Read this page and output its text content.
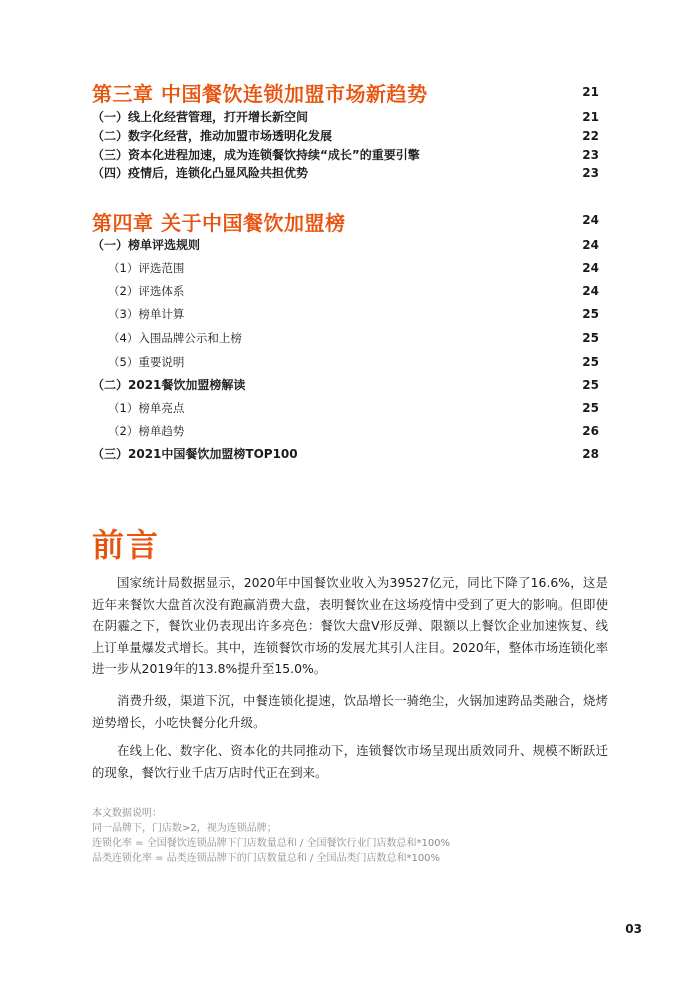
第三章 中国餐饮连锁加盟市场新趋势	21
（一）线上化经营管理，打开增长新空间	21
（二）数字化经营，推动加盟市场透明化发展	22
（三）资本化进程加速，成为连锁餐饮持续“成长”的重要引擎	23
（四）疫情后，连锁化凸显风险共担优势	23
第四章 关于中国餐饮加盟榜	24
（一）榜单评选规则	24
（1）评选范围	24
（2）评选体系	24
（3）榜单计算	25
（4）入围品牌公示和上榜	25
（5）重要说明	25
（二）2021餐饮加盟榜解读	25
（1）榜单亮点	25
（2）榜单趋势	26
（三）2021中国餐饮加盟榜TOP100	28
前言

国家统计局数据显示，2020年中国餐饮业收入为39527亿元，同比下降了16.6%，这是近年来餐饮大盘首次没有跑赢消费大盘，表明餐饮业在这场疫情中受到了更大的影响。但即使在阴霾之下，餐饮业仍表现出许多亮色：餐饮大盘V形反弹、限额以上餐饮企业加速恢复、线上订单量爆发式增长。其中，连锁餐饮市场的发展尤其引人注目。2020年，整体市场连锁化率进一步从2019年的13.8%提升至15.0%。

消费升级，渠道下沉，中餐连锁化提速，饮品增长一骑绝尘，火锅加速跨品类融合，烧烤逆势增长，小吃快餐分化升级。

在线上化、数字化、资本化的共同推动下，连锁餐饮市场呈现出质效同升、规模不断跃迁的现象，餐饮行业千店万店时代正在到来。

本文数据说明：
同一品牌下，门店数>2，视为连锁品牌；
连锁化率 = 全国餐饮连锁品牌下门店数量总和 / 全国餐饮行业门店数总和*100%
品类连锁化率 = 品类连锁品牌下的门店数量总和 / 全国品类门店数总和*100%
03
